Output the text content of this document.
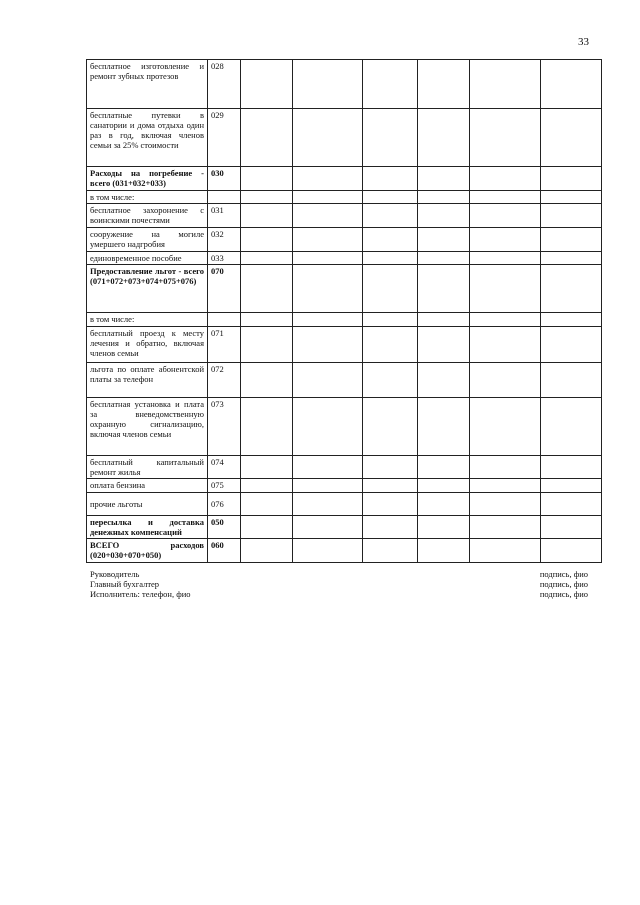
33
бесплатное изготовление и ремонт зубных протезов	028						
бесплатные путевки в санатории и дома отдыха один раз в год, включая членов семьи за 25% стоимости	029						
Расходы на погребение - всего (031+032+033)	030						
в том числе:							
бесплатное захоронение с воинскими почестями	031						
сооружение на могиле умершего надгробия	032						
единовременное пособие	033						
Предоставление льгот - всего (071+072+073+074+075+076)	070						
в том числе:							
бесплатный проезд к месту лечения и обратно, включая членов семьи	071						
льгота по оплате абонентской платы за телефон	072						
бесплатная установка и плата за вневедомственную охранную сигнализацию, включая членов семьи	073						
бесплатный капитальный ремонт жилья	074						
оплата бензина	075						
прочие льготы	076						
пересылка и доставка денежных компенсаций	050						
ВСЕГО расходов (020+030+070+050)	060						
Руководитель	подпись, фио
Главный бухгалтер	подпись, фио
Исполнитель: телефон, фио	подпись, фио
